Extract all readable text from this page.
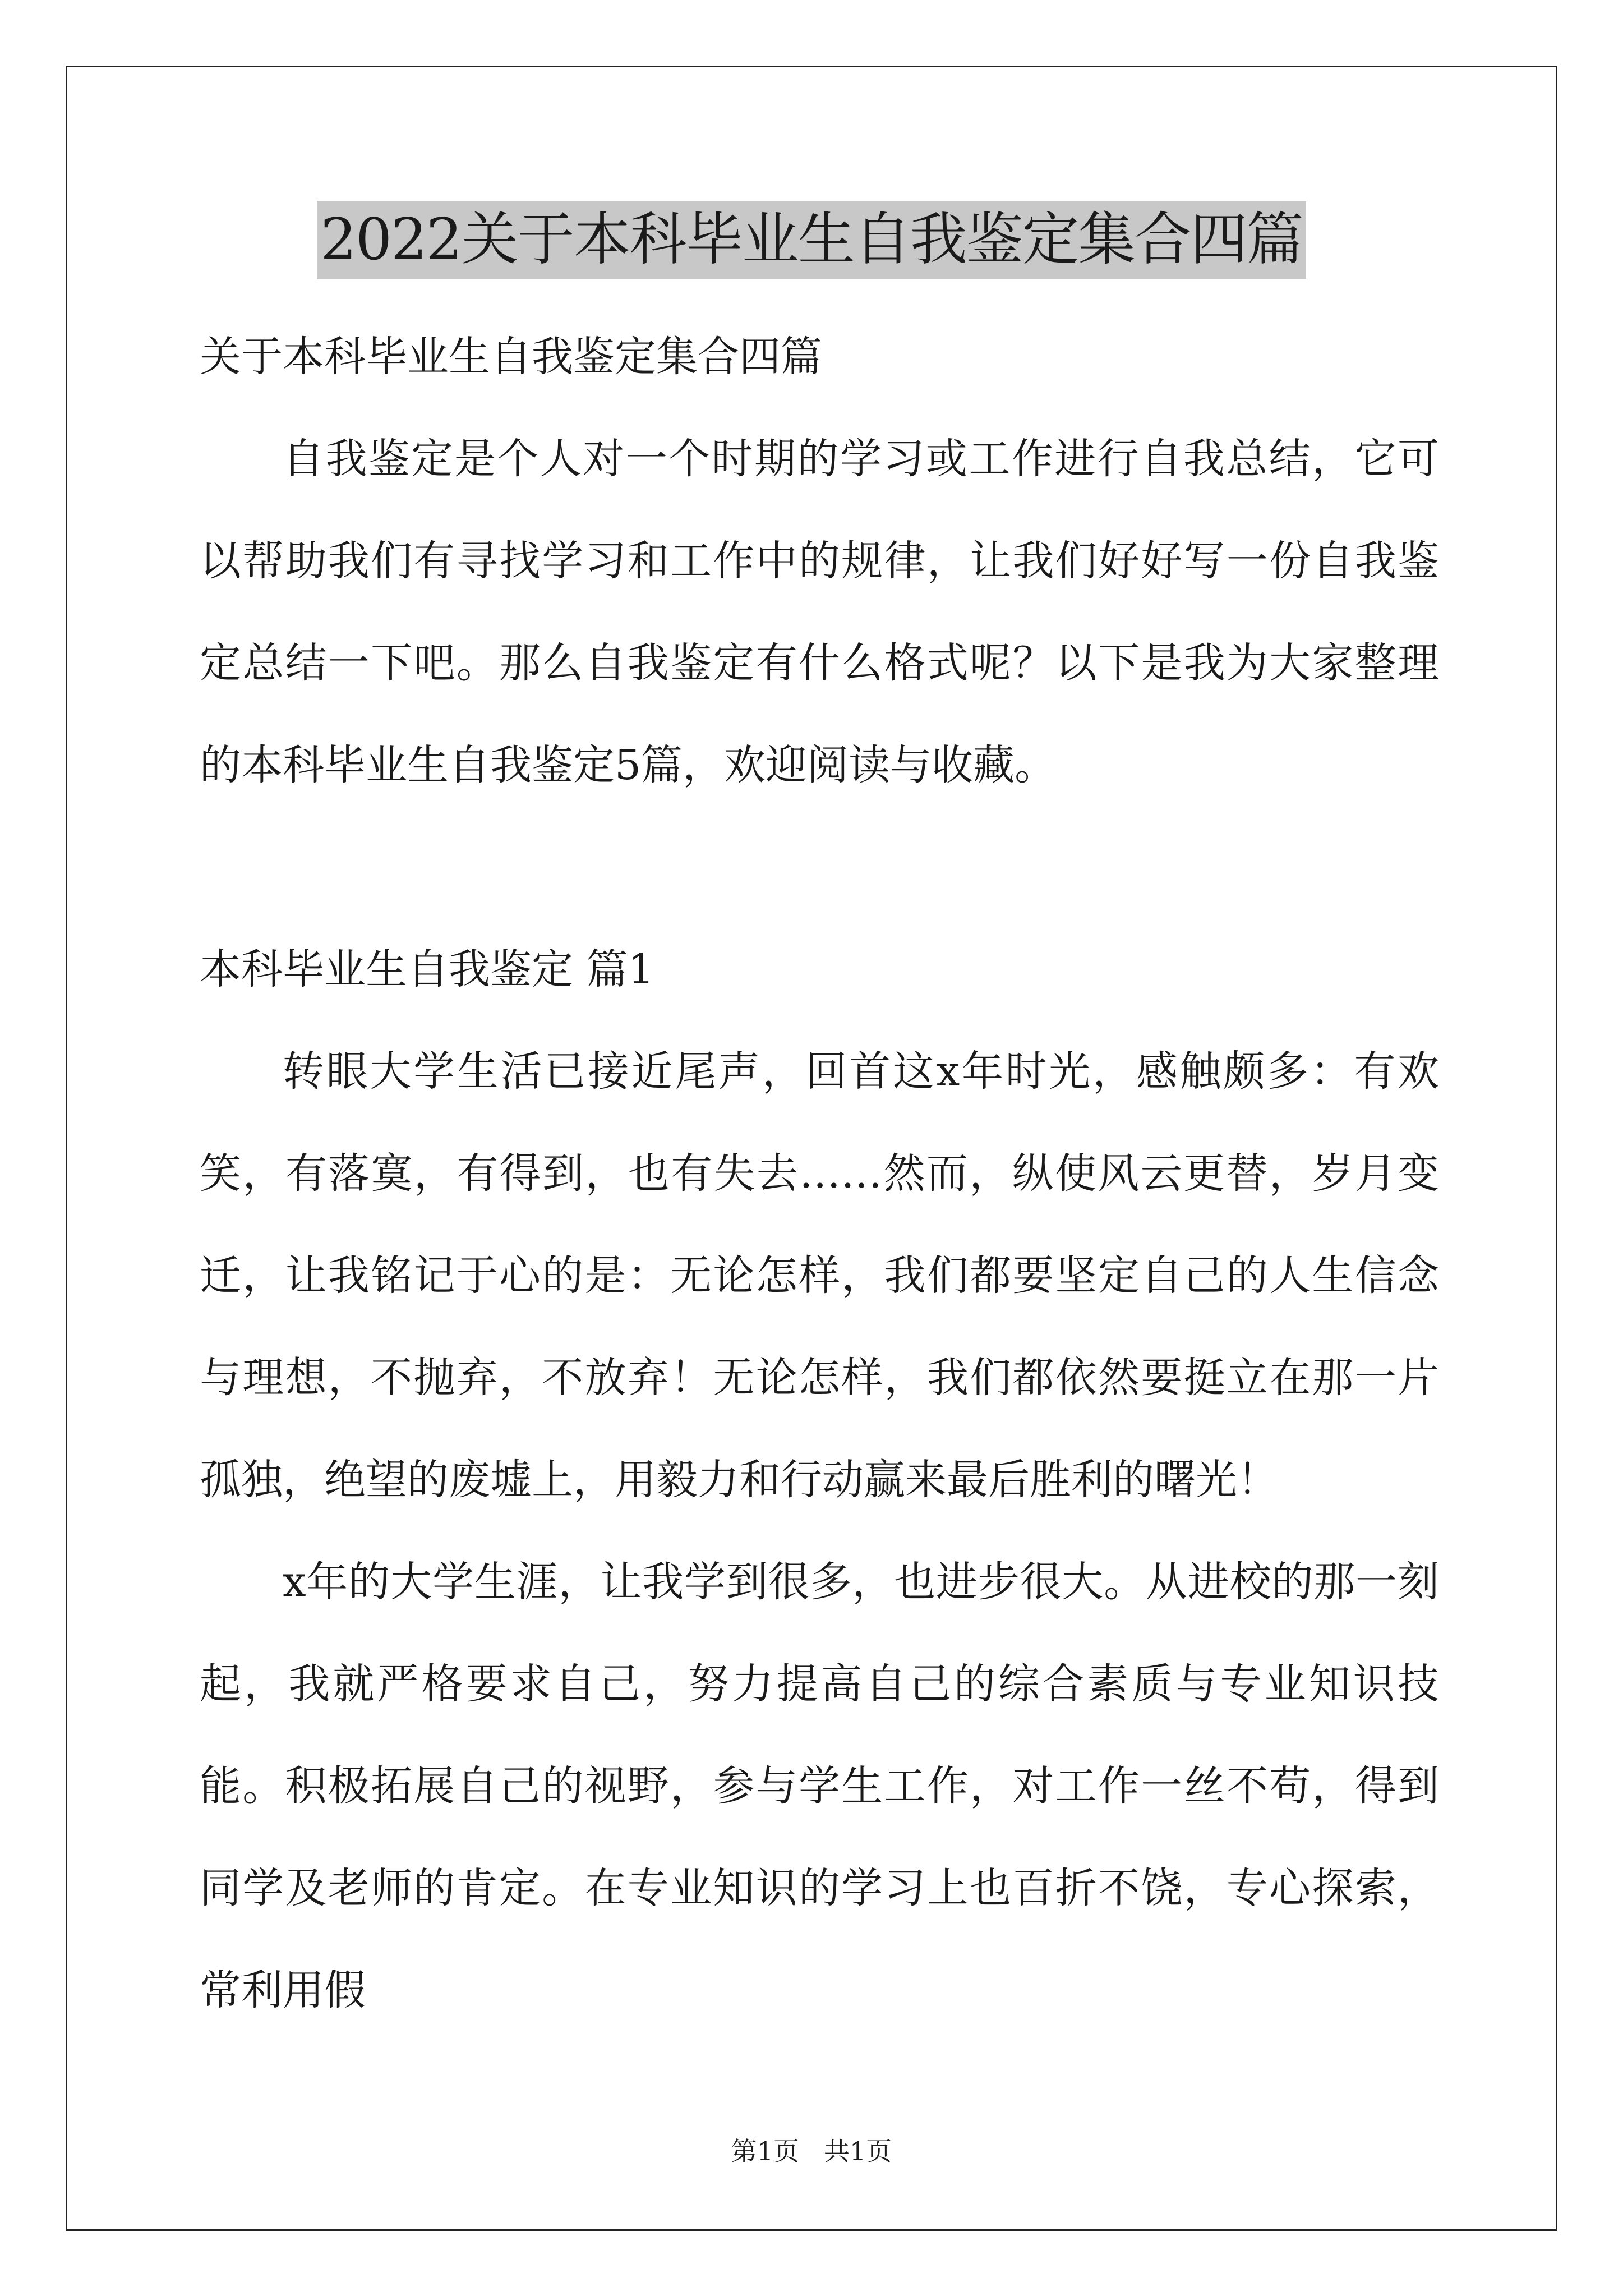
2022关于本科毕业生自我鉴定集合四篇

关于本科毕业生自我鉴定集合四篇

自我鉴定是个人对一个时期的学习或工作进行自我总结，它可以帮助我们有寻找学习和工作中的规律，让我们好好写一份自我鉴定总结一下吧。那么自我鉴定有什么格式呢？以下是我为大家整理的本科毕业生自我鉴定5篇，欢迎阅读与收藏。

本科毕业生自我鉴定 篇1

转眼大学生活已接近尾声，回首这x年时光，感触颇多：有欢笑，有落寞，有得到，也有失去……然而，纵使风云更替，岁月变迁，让我铭记于心的是：无论怎样，我们都要坚定自己的人生信念与理想，不抛弃，不放弃！无论怎样，我们都依然要挺立在那一片孤独，绝望的废墟上，用毅力和行动赢来最后胜利的曙光！

x年的大学生涯，让我学到很多，也进步很大。从进校的那一刻起，我就严格要求自己，努力提高自己的综合素质与专业知识技能。积极拓展自己的视野，参与学生工作，对工作一丝不苟，得到同学及老师的肯定。在专业知识的学习上也百折不饶，专心探索，常利用假

第1页 共1页
